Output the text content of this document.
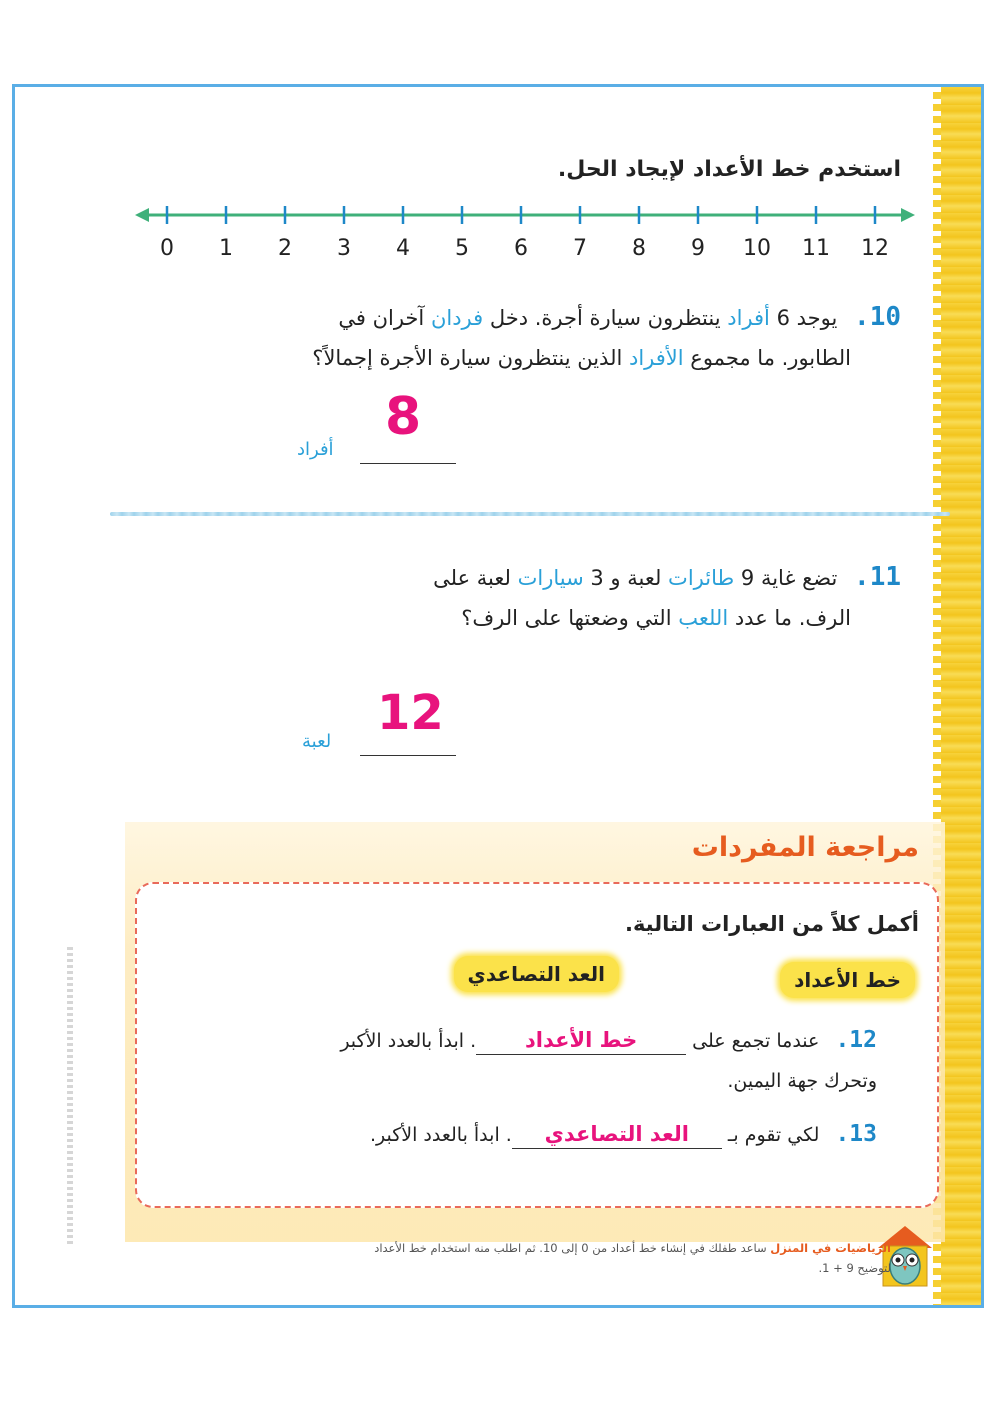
استخدم خط الأعداد لإيجاد الحل.
0 1 2 3 4 5 6 7 8 9 10 11 12
10. يوجد 6 أفراد ينتظرون سيارة أجرة. دخل فردان آخران في
الطابور. ما مجموع الأفراد الذين ينتظرون سيارة الأجرة إجمالاً؟
8
أفراد
11. تضع غاية 9 طائرات لعبة و 3 سيارات لعبة على
الرف. ما عدد اللعب التي وضعتها على الرف؟
12
لعبة
مراجعة المفردات
أكمل كلاً من العبارات التالية.
خط الأعداد
العد التصاعدي
12. عندما تجمع على خط الأعداد. ابدأ بالعدد الأكبر
وتحرك جهة اليمين.
13. لكي تقوم بـ العد التصاعدي. ابدأ بالعدد الأكبر.
الرياضيات في المنزل ساعد طفلك في إنشاء خط أعداد من 0 إلى 10. ثم اطلب منه استخدام خط الأعداد
لتوضيح 9 + 1.
